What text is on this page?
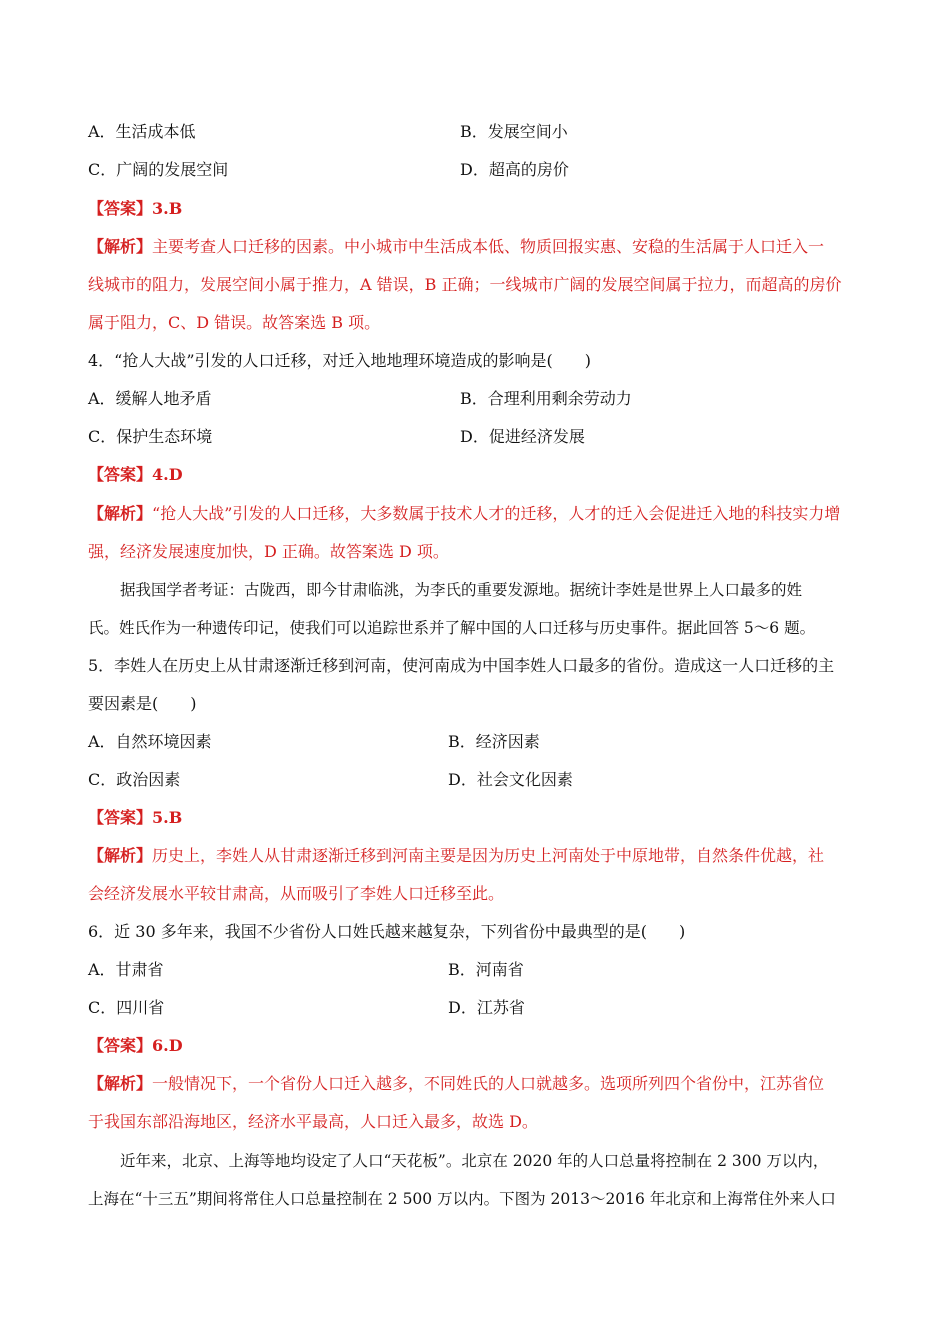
A．生活成本低	B．发展空间小
C．广阔的发展空间	D．超高的房价
【答案】3.B
【解析】主要考查人口迁移的因素。中小城市中生活成本低、物质回报实惠、安稳的生活属于人口迁入一
线城市的阻力，发展空间小属于推力，A 错误，B 正确；一线城市广阔的发展空间属于拉力，而超高的房价
属于阻力，C、D 错误。故答案选 B 项。
4．“抢人大战”引发的人口迁移，对迁入地地理环境造成的影响是(　　)
A．缓解人地矛盾	B．合理利用剩余劳动力
C．保护生态环境	D．促进经济发展
【答案】4.D
【解析】“抢人大战”引发的人口迁移，大多数属于技术人才的迁移，人才的迁入会促进迁入地的科技实力增
强，经济发展速度加快，D 正确。故答案选 D 项。
据我国学者考证：古陇西，即今甘肃临洮，为李氏的重要发源地。据统计李姓是世界上人口最多的姓
氏。姓氏作为一种遗传印记，使我们可以追踪世系并了解中国的人口迁移与历史事件。据此回答 5～6 题。
5．李姓人在历史上从甘肃逐渐迁移到河南，使河南成为中国李姓人口最多的省份。造成这一人口迁移的主
要因素是(　　)
A．自然环境因素	B．经济因素
C．政治因素	D．社会文化因素
【答案】5.B
【解析】历史上，李姓人从甘肃逐渐迁移到河南主要是因为历史上河南处于中原地带，自然条件优越，社
会经济发展水平较甘肃高，从而吸引了李姓人口迁移至此。
6．近 30 多年来，我国不少省份人口姓氏越来越复杂，下列省份中最典型的是(　　)
A．甘肃省	B．河南省
C．四川省	D．江苏省
【答案】6.D
【解析】一般情况下，一个省份人口迁入越多，不同姓氏的人口就越多。选项所列四个省份中，江苏省位
于我国东部沿海地区，经济水平最高，人口迁入最多，故选 D。
近年来，北京、上海等地均设定了人口“天花板”。北京在 2020 年的人口总量将控制在 2 300 万以内，
上海在“十三五”期间将常住人口总量控制在 2 500 万以内。下图为 2013～2016 年北京和上海常住外来人口
